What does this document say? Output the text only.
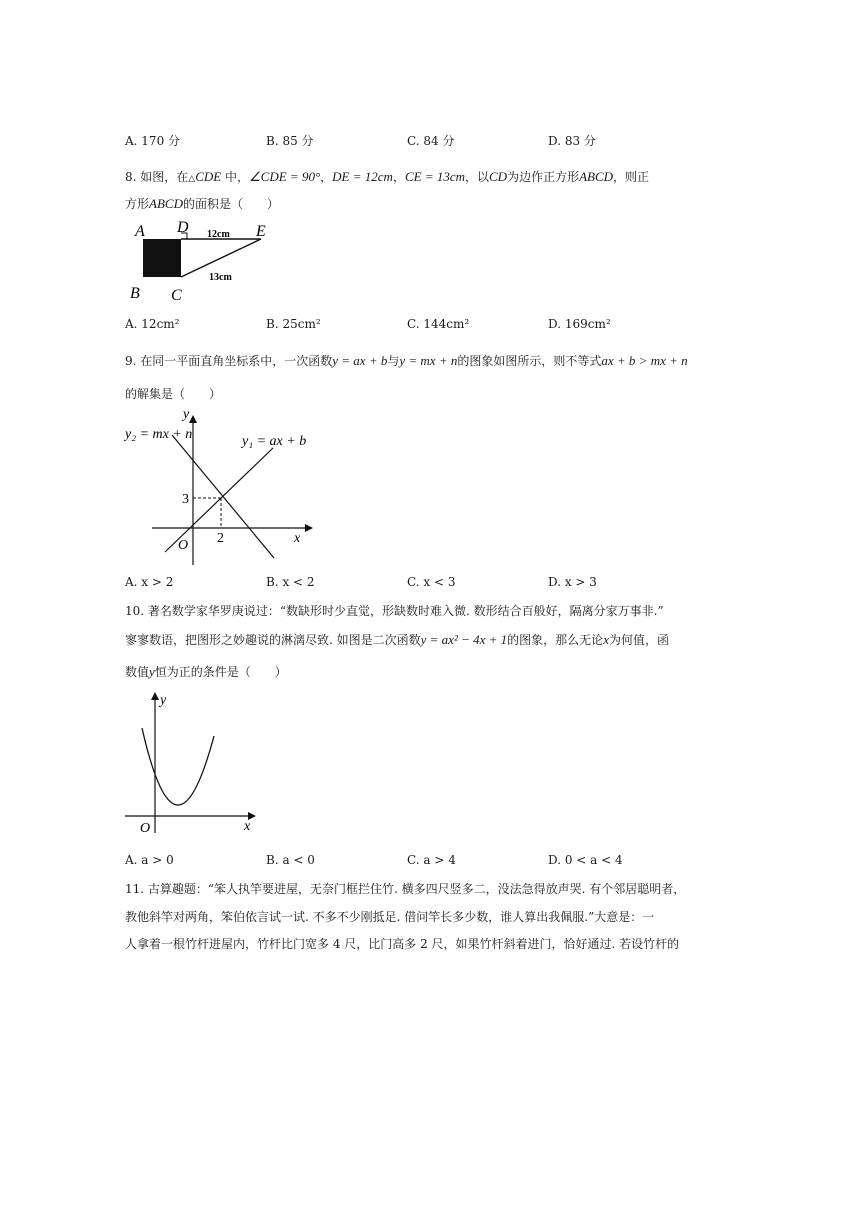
A. 170 分	B. 85 分	C. 84 分	D. 83 分
8. 如图，在△CDE 中，∠CDE = 90°，DE = 12cm，CE = 13cm，以CD为边作正方形ABCD，则正
方形ABCD的面积是（　　）
A D	E
B C
12cm
13cm
A. 12cm²	B. 25cm²	C. 144cm²	D. 169cm²
9. 在同一平面直角坐标系中，一次函数y = ax + b与y = mx + n的图象如图所示，则不等式ax + b > mx + n
的解集是（　　）
y₂ = mx + n	y₁ = ax + b
y
x
O
3
2
A. x > 2	B. x < 2	C. x < 3	D. x > 3
10. 著名数学家华罗庚说过：“数缺形时少直觉，形缺数时难入微. 数形结合百般好，隔离分家万事非.”
寥寥数语，把图形之妙趣说的淋漓尽致. 如图是二次函数y = ax² − 4x + 1的图象，那么无论x为何值，函
数值y恒为正的条件是（　　）
y
x
O
A. a > 0	B. a < 0	C. a > 4	D. 0 < a < 4
11. 古算趣题：“笨人执竿要进屋，无奈门框拦住竹. 横多四尺竖多二，没法急得放声哭. 有个邻居聪明者，
教他斜竿对两角，笨伯依言试一试. 不多不少刚抵足. 借问竿长多少数，谁人算出我佩服.”大意是：一
人拿着一根竹杆进屋内，竹杆比门宽多 4 尺，比门高多 2 尺，如果竹杆斜着进门，恰好通过. 若设竹杆的
